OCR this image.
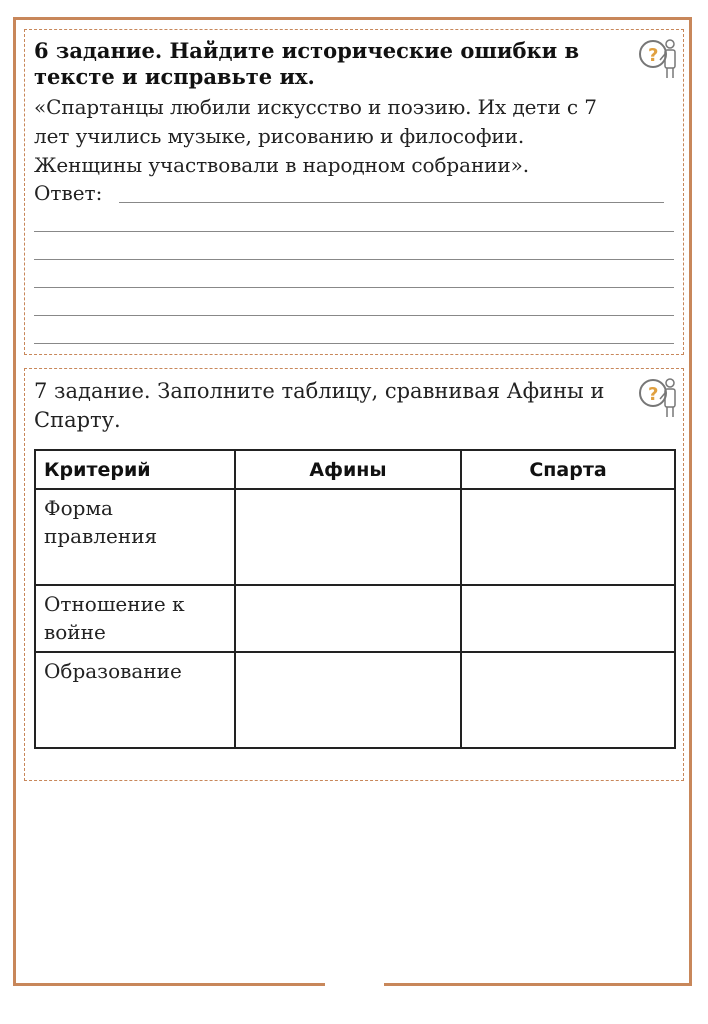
6 задание. Найдите исторические ошибки в
тексте и исправьте их.
«Спартанцы любили искусство и поэзию. Их дети с 7
лет учились музыке, рисованию и философии.
Женщины участвовали в народном собрании».
Ответ:
?
7 задание. Заполните таблицу, сравнивая Афины и
Спарту.
?
Критерий	Афины	Спарта

Форма
правления		

Отношение к
войне		

Образование		
